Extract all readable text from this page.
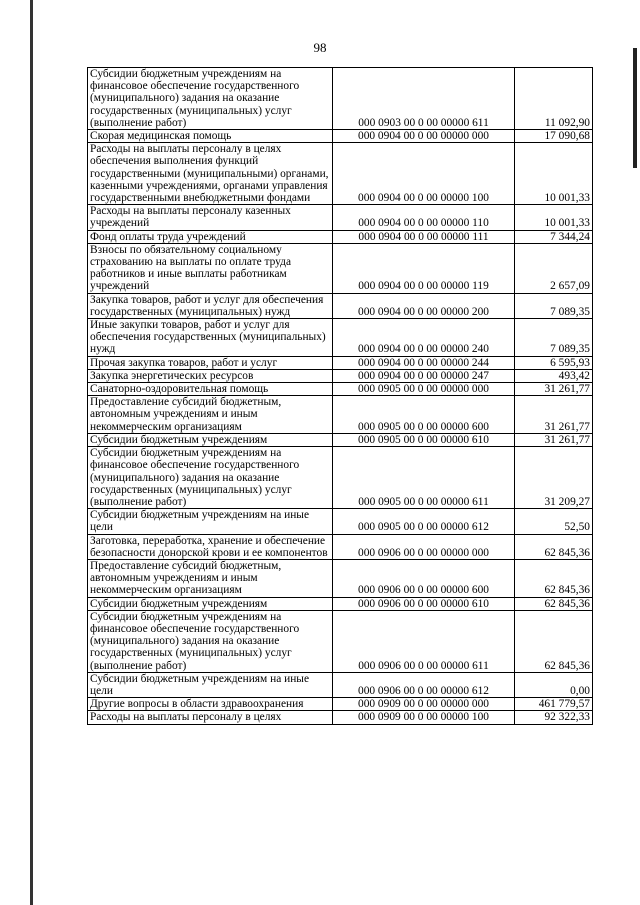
98
Субсидии бюджетным учреждениям на финансовое обеспечение государственного (муниципального) задания на оказание государственных (муниципальных) услуг (выполнение работ)	000 0903 00 0 00 00000 611	11 092,90
Скорая медицинская помощь	000 0904 00 0 00 00000 000	17 090,68
Расходы на выплаты персоналу в целях обеспечения выполнения функций государственными (муниципальными) органами, казенными учреждениями, органами управления государственными внебюджетными фондами	000 0904 00 0 00 00000 100	10 001,33
Расходы на выплаты персоналу казенных учреждений	000 0904 00 0 00 00000 110	10 001,33
Фонд оплаты труда учреждений	000 0904 00 0 00 00000 111	7 344,24
Взносы по обязательному социальному страхованию на выплаты по оплате труда работников и иные выплаты работникам учреждений	000 0904 00 0 00 00000 119	2 657,09
Закупка товаров, работ и услуг для обеспечения государственных (муниципальных) нужд	000 0904 00 0 00 00000 200	7 089,35
Иные закупки товаров, работ и услуг для обеспечения государственных (муниципальных) нужд	000 0904 00 0 00 00000 240	7 089,35
Прочая закупка товаров, работ и услуг	000 0904 00 0 00 00000 244	6 595,93
Закупка энергетических ресурсов	000 0904 00 0 00 00000 247	493,42
Санаторно-оздоровительная помощь	000 0905 00 0 00 00000 000	31 261,77
Предоставление субсидий бюджетным, автономным учреждениям и иным некоммерческим организациям	000 0905 00 0 00 00000 600	31 261,77
Субсидии бюджетным учреждениям	000 0905 00 0 00 00000 610	31 261,77
Субсидии бюджетным учреждениям на финансовое обеспечение государственного (муниципального) задания на оказание государственных (муниципальных) услуг (выполнение работ)	000 0905 00 0 00 00000 611	31 209,27
Субсидии бюджетным учреждениям на иные цели	000 0905 00 0 00 00000 612	52,50
Заготовка, переработка, хранение и обеспечение безопасности донорской крови и ее компонентов	000 0906 00 0 00 00000 000	62 845,36
Предоставление субсидий бюджетным, автономным учреждениям и иным некоммерческим организациям	000 0906 00 0 00 00000 600	62 845,36
Субсидии бюджетным учреждениям	000 0906 00 0 00 00000 610	62 845,36
Субсидии бюджетным учреждениям на финансовое обеспечение государственного (муниципального) задания на оказание государственных (муниципальных) услуг (выполнение работ)	000 0906 00 0 00 00000 611	62 845,36
Субсидии бюджетным учреждениям на иные цели	000 0906 00 0 00 00000 612	0,00
Другие вопросы в области здравоохранения	000 0909 00 0 00 00000 000	461 779,57
Расходы на выплаты персоналу в целях	000 0909 00 0 00 00000 100	92 322,33
